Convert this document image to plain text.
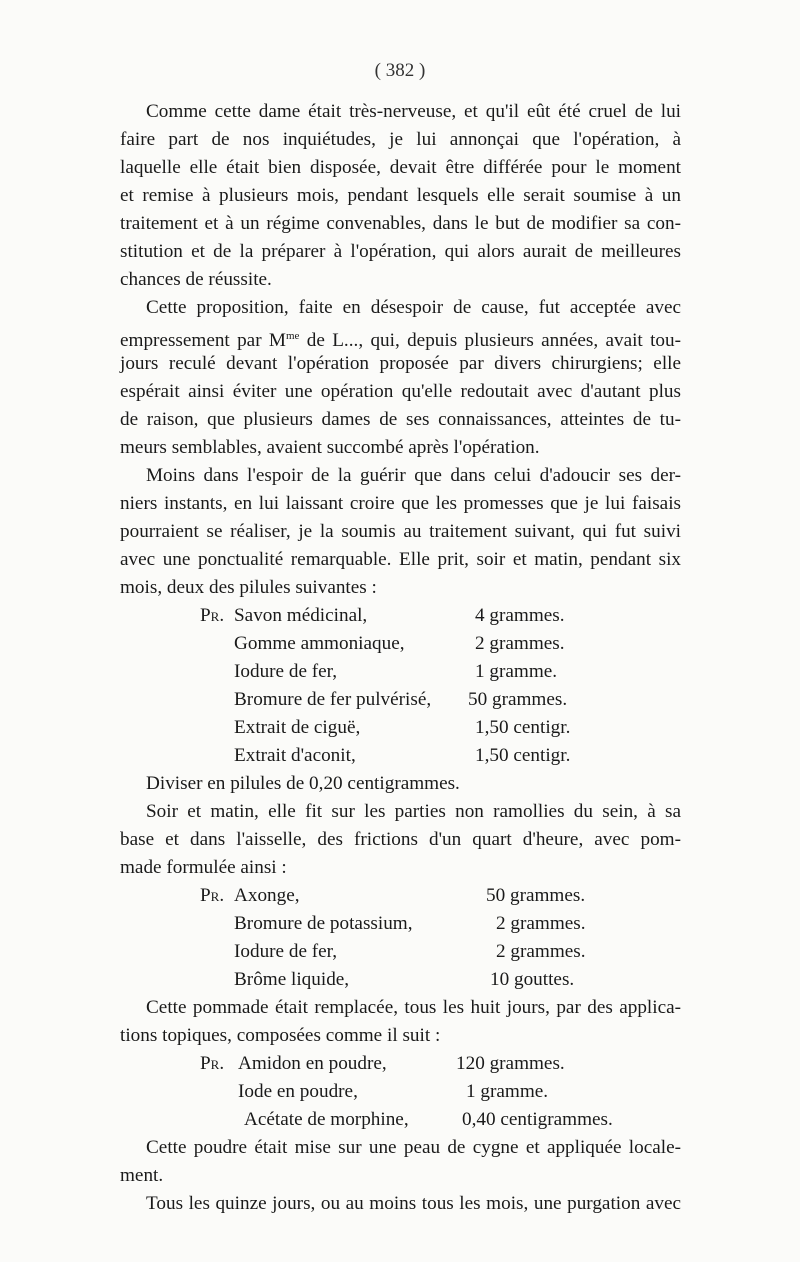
( 382 )
Comme cette dame était très-nerveuse, et qu'il eût été cruel de lui
faire part de nos inquiétudes, je lui annonçai que l'opération, à
laquelle elle était bien disposée, devait être différée pour le moment
et remise à plusieurs mois, pendant lesquels elle serait soumise à un
traitement et à un régime convenables, dans le but de modifier sa con-
stitution et de la préparer à l'opération, qui alors aurait de meilleures
chances de réussite.
Cette proposition, faite en désespoir de cause, fut acceptée avec
empressement par $M^{me}$ de L..., qui, depuis plusieurs années, avait tou-
jours reculé devant l'opération proposée par divers chirurgiens; elle
espérait ainsi éviter une opération qu'elle redoutait avec d'autant plus
de raison, que plusieurs dames de ses connaissances, atteintes de tu-
meurs semblables, avaient succombé après l'opération.
Moins dans l'espoir de la guérir que dans celui d'adoucir ses der-
niers instants, en lui laissant croire que les promesses que je lui faisais
pourraient se réaliser, je la soumis au traitement suivant, qui fut suivi
avec une ponctualité remarquable. Elle prit, soir et matin, pendant six
mois, deux des pilules suivantes :
Pr. Savon médicinal,	4 grammes.
Gomme ammoniaque,	2 grammes.
Iodure de fer,	1 gramme.
Bromure de fer pulvérisé, 50 grammes.
Extrait de ciguë,	1,50 centigr.
Extrait d'aconit,	1,50 centigr.
Diviser en pilules de 0,20 centigrammes.
Soir et matin, elle fit sur les parties non ramollies du sein, à sa
base et dans l'aisselle, des frictions d'un quart d'heure, avec pom-
made formulée ainsi :
Pr. Axonge,	50 grammes.
Bromure de potassium,	2 grammes.
Iodure de fer,	2 grammes.
Brôme liquide,	10 gouttes.
Cette pommade était remplacée, tous les huit jours, par des applica-
tions topiques, composées comme il suit :
Pr. Amidon en poudre,	120 grammes.
Iode en poudre,	1 gramme.
Acétate de morphine,	0,40 centigrammes.
Cette poudre était mise sur une peau de cygne et appliquée locale-
ment.
Tous les quinze jours, ou au moins tous les mois, une purgation avec
